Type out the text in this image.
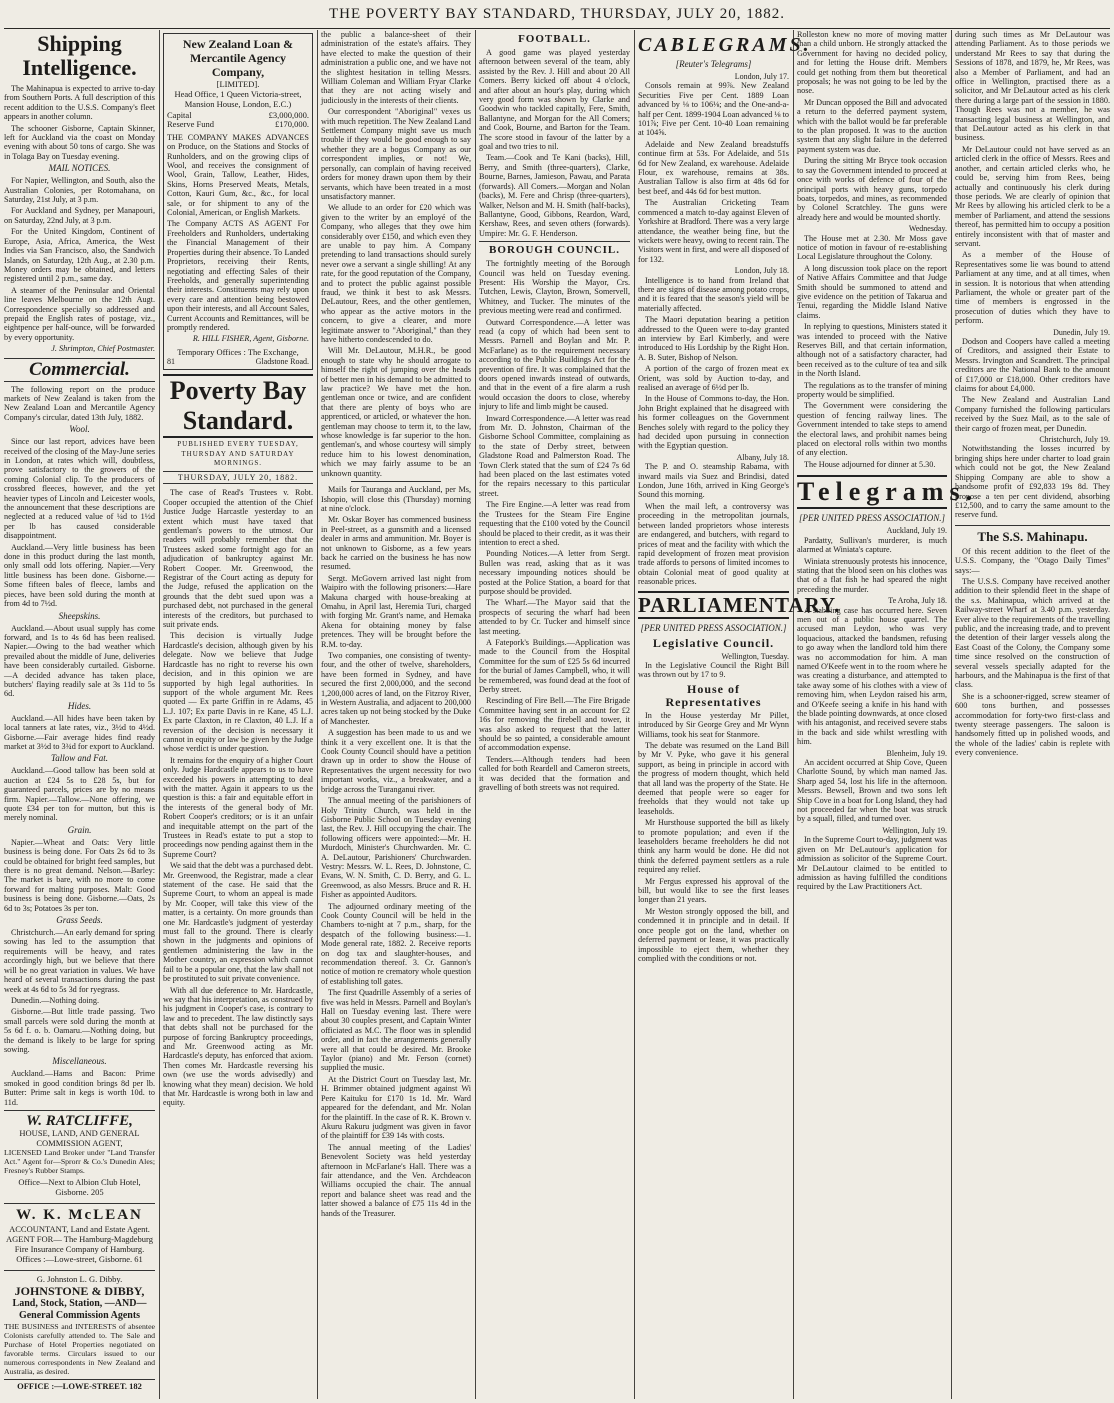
THE POVERTY BAY STANDARD, THURSDAY, JULY 20, 1882.
Shipping Intelligence.

The Mahinapua is expected to arrive to-day from Southern Ports. A full description of this recent addition to the U.S.S. Company's fleet appears in another column.

The schooner Gisborne, Captain Skinner, left for Auckland via the coast on Monday evening with about 50 tons of cargo. She was in Tolaga Bay on Tuesday evening.

MAIL NOTICES.

For Napier, Wellington, and South, also the Australian Colonies, per Rotomahana, on Saturday, 21st July, at 3 p.m.

For Auckland and Sydney, per Manapouri, on Saturday, 22nd July, at 3 p.m.

For the United Kingdom, Continent of Europe, Asia, Africa, America, the West Indies via San Francisco, also, the Sandwich Islands, on Saturday, 12th Aug., at 2.30 p.m. Money orders may be obtained, and letters registered until 2 p.m., same day.

A steamer of the Peninsular and Oriental line leaves Melbourne on the 12th Augt. Correspondence specially so addressed and prepaid the English rates of postage, viz., eightpence per half-ounce, will be forwarded by every opportunity.

J. Shrimpton, Chief Postmaster.
Commercial.

The following report on the produce markets of New Zealand is taken from the New Zealand Loan and Mercantile Agency Company's circular, dated 13th July, 1882.

Wool.

Since our last report, advices have been received of the closing of the May-June series in London, at rates which will, doubtless, prove satisfactory to the growers of the coming Colonial clip. To the producers of crossbred fleeces, however, and the yet heavier types of Lincoln and Leicester wools, the announcement that these descriptions are neglected at a reduced value of ¼d to 1½d per lb has caused considerable disappointment.

Auckland.—Very little business has been done in this product during the last month, only small odd lots offering. Napier.—Very little business has been done. Gisborne.—Some fifteen bales of fleece, lambs and pieces, have been sold during the month at from 4d to 7½d.

Sheepskins.

Auckland.—About usual supply has come forward, and 1s to 4s 6d has been realised. Napier.—Owing to the bad weather which prevailed about the middle of June, deliveries have been considerably curtailed. Gisborne.—A decided advance has taken place, butchers' flaying readily sale at 3s 11d to 5s 6d.

Hides.

Auckland.—All hides have been taken by local tanners at late rates, viz., 3½d to 4½d. Gisborne.—Fair average hides find ready market at 3½d to 3¾d for export to Auckland.

Tallow and Fat.

Auckland.—Good tallow has been sold at auction at £24 5s to £28 5s, but for guaranteed parcels, prices are by no means firm. Napier.—Tallow.—None offering, we quote £34 per ton for mutton, but this is merely nominal.

Grain.

Napier.—Wheat and Oats: Very little business is being done. For Oats 2s 6d to 3s could be obtained for bright feed samples, but there is no great demand. Nelson.—Barley: The market is bare, with no more to come forward for malting purposes. Malt: Good business is being done. Gisborne.—Oats, 2s 6d to 3s; Potatoes 3s per ton.

Grass Seeds.

Christchurch.—An early demand for spring sowing has led to the assumption that requirements will be heavy, and rates accordingly high, but we believe that there will be no great variation in values. We have heard of several transactions during the past week at 4s 6d to 5s 3d for ryegrass.

Dunedin.—Nothing doing.

Gisborne.—But little trade passing. Two small parcels were sold during the month at 5s 6d f. o. b. Oamaru.—Nothing doing, but the demand is likely to be large for spring sowing.

Miscellaneous.

Auckland.—Hams and Bacon: Prime smoked in good condition brings 8d per lb. Butter: Prime salt in kegs is worth 10d. to 11d.

W. RATCLIFFE,
HOUSE, LAND, AND GENERAL COMMISSION AGENT,

LICENSED Land Broker under "Land Transfer Act." Agent for—Sprorr & Co.'s Dunedin Ales; Fresney's Rubber Stamps.

Office—Next to Albion Club Hotel, Gisborne. 205
W. K. McLEAN
ACCOUNTANT, Land and Estate Agent.
AGENT FOR— The Hamburg-Magdeburg Fire Insurance Company of Hamburg.
Offices :—Lowe-street, Gisborne. 61
G. Johnston L. G. Dibby.
JOHNSTONE & DIBBY,
Land, Stock, Station, —AND— General Commission Agents

THE BUSINESS and INTERESTS of absentee Colonists carefully attended to. The Sale and Purchase of Hotel Properties negotiated on favorable terms. Circulars issued to our numerous correspondents in New Zealand and Australia, as desired.

OFFICE :—LOWE-STREET. 182
New Zealand Loan & Mercantile Agency Company,
[LIMITED].
Head Office, 1 Queen Victoria-street, Mansion House, London, E.C.)
Capital	£3,000,000.
Reserve Fund	£170,000.

THE COMPANY MAKES ADVANCES on Produce, on the Stations and Stocks of Runholders, and on the growing clips of Wool, and receives the consignment of Wool, Grain, Tallow, Leather, Hides, Skins, Horns Preserved Meats, Metals, Cotton, Kauri Gum, &c., &c., for local sale, or for shipment to any of the Colonial, American, or English Markets.

The Company ACTS AS AGENT For Freeholders and Runholders, undertaking the Financial Management of their Properties during their absence. To Landed Proprietors, receiving their Rents, negotiating and effecting Sales of their Freeholds, and generally superintending their interests. Constituents may rely upon every care and attention being bestowed upon their interests, and all Account Sales, Current Accounts and Remittances, will be promptly rendered.

R. HILL FISHER, Agent, Gisborne.
Temporary Offices : The Exchange,
81	Gladstone Road.
Poverty Bay Standard.
PUBLISHED EVERY TUESDAY, THURSDAY AND SATURDAY MORNINGS.
THURSDAY, JULY 20, 1882.

The case of Read's Trustees v. Robt. Cooper occupied the attention of the Chief Justice Judge Harcastle yesterday to an extent which must have taxed that gentleman's powers to the utmost. Our readers will probably remember that the Trustees asked some fortnight ago for an adjudication of bankruptcy against Mr. Robert Cooper. Mr. Greenwood, the Registrar of the Court acting as deputy for the Judge, refused the application on the grounds that the debt sued upon was a purchased debt, not purchased in the general interests of the creditors, but purchased to suit private ends.

This decision is virtually Judge Hardcastle's decision, although given by his delegate. Now we believe that Judge Hardcastle has no right to reverse his own decision, and in this opinion we are supported by high legal authorities. In support of the whole argument Mr. Rees quoted — Ex parte Griffin in re Adams, 45 L.J. 107; Ex parte Davis in re Kane, 45 L.J. Ex parte Claxton, in re Claxton, 40 L.J. If a reversion of the decision is necessary it cannot in equity or law be given by the Judge whose verdict is under question.

It remains for the enquiry of a higher Court only. Judge Hardcastle appears to us to have exceeded his powers in attempting to deal with the matter. Again it appears to us the question is this: a fair and equitable effort in the interests of the general body of Mr. Robert Cooper's creditors; or is it an unfair and inequitable attempt on the part of the Trustees in Read's estate to put a stop to proceedings now pending against them in the Supreme Court?

We said that the debt was a purchased debt. Mr. Greenwood, the Registrar, made a clear statement of the case. He said that the Supreme Court, to whom an appeal is made by Mr. Cooper, will take this view of the matter, is a certainty. On more grounds than one Mr. Hardcastle's judgment of yesterday must fall to the ground. There is clearly shown in the judgments and opinions of gentlemen administering the law in the Mother country, an expression which cannot fail to be a popular one, that the law shall not be prostituted to suit private convenience.

With all due deference to Mr. Hardcastle, we say that his interpretation, as construed by his judgment in Cooper's case, is contrary to law and to precedent. The law distinctly says that debts shall not be purchased for the purpose of forcing Bankruptcy proceedings, and Mr. Greenwood acting as Mr. Hardcastle's deputy, has enforced that axiom. Then comes Mr. Hardcastle reversing his own (we use the words advisedly) and knowing what they mean) decision. We hold that Mr. Hardcastle is wrong both in law and equity.

the public a balance-sheet of their administration of the estate's affairs. They have elected to make the question of their administration a public one, and we have not the slightest hesitation in telling Messrs. William Coleman and William Fryar Clarke that they are not acting wisely and judiciously in the interests of their clients.

Our correspondent "Aboriginal" vexes us with much repetition. The New Zealand Land Settlement Company might save us much trouble if they would be good enough to say whether they are a bogus Company as our correspondent implies, or not! We, personally, can complain of having received orders for money drawn upon them by their servants, which have been treated in a most unsatisfactory manner.

We allude to an order for £20 which was given to the writer by an employé of the Company, who alleges that they owe him considerably over £150, and which even they are unable to pay him. A Company pretending to land transactions should surely never owe a servant a single shilling! At any rate, for the good reputation of the Company, and to protect the public against possible fraud, we think it best to ask Messrs. DeLautour, Rees, and the other gentlemen, who appear as the active motors in the concern, to give a clearer, and more legitimate answer to "Aboriginal," than they have hitherto condescended to do.

Will Mr. DeLautour, M.H.R., be good enough to state why he should arrogate to himself the right of jumping over the heads of better men in his demand to be admitted to law practice? We have met the hon. gentleman once or twice, and are confident that there are plenty of boys who are apprenticed, or articled, or whatever the hon. gentleman may choose to term it, to the law, whose knowledge is far superior to the hon. gentleman's, and whose courtesy will simply reduce him to his lowest denomination, which we may fairly assume to be an unknown quantity.

Mails for Tauranga and Auckland, per Ms, Ishopio, will close this (Thursday) morning at nine o'clock.

Mr. Oskar Boyer has commenced business in Peel-street, as a gunsmith and a licensed dealer in arms and ammunition. Mr. Boyer is not unknown to Gisborne, as a few years back he carried on the business he has now resumed.

Sergt. McGovern arrived last night from Waipiro with the following prisoners:—Hare Makuna charged with house-breaking at Omahu, in April last, Heremia Turi, charged with forging Mr. Grant's name, and Hemaka Akena for obtaining money by false pretences. They will be brought before the R.M. to-day.

Two companies, one consisting of twenty-four, and the other of twelve, shareholders, have been formed in Sydney, and have secured the first 2,000,000, and the second 1,200,000 acres of land, on the Fitzroy River, in Western Australia, and adjacent to 200,000 acres taken up not being stocked by the Duke of Manchester.

A suggestion has been made to us and we think it a very excellent one. It is that the Cook County Council should have a petition drawn up in order to show the House of Representatives the urgent necessity for two important works, viz., a breakwater, and a bridge across the Turanganui river.

The annual meeting of the parishioners of Holy Trinity Church, was held in the Gisborne Public School on Tuesday evening last, the Rev. J. Hill occupying the chair. The following officers were appointed:—Mr. H. Murdoch, Minister's Churchwarden. Mr. C. A. DeLautour, Parishioners' Churchwarden. Vestry: Messrs. W. L. Rees, D. Johnstone, C. Evans, W. N. Smith, C. D. Berry, and G. L. Greenwood, as also Messrs. Bruce and R. H. Fisher as appointed Auditors.

The adjourned ordinary meeting of the Cook County Council will be held in the Chambers to-night at 7 p.m., sharp, for the despatch of the following business:—1. Mode general rate, 1882. 2. Receive reports on dog tax and slaughter-houses, and recommendation thereof. 3. Cr. Gannon's notice of motion re crematory whole question of establishing toll gates.

The first Quadrille Assembly of a series of five was held in Messrs. Parnell and Boylan's Hall on Tuesday evening last. There were about 30 couples present, and Captain Winter officiated as M.C. The floor was in splendid order, and in fact the arrangements generally were all that could be desired. Mr. Brooke Taylor (piano) and Mr. Ferson (cornet) supplied the music.

At the District Court on Tuesday last, Mr. H. Brimmer obtained judgment against Wi Pere Kaituku for £170 1s 1d. Mr. Ward appeared for the defendant, and Mr. Nolan for the plaintiff. In the case of R. K. Brown v. Akuru Rakuru judgment was given in favor of the plaintiff for £39 14s with costs.

The annual meeting of the Ladies' Benevolent Society was held yesterday afternoon in McFarlane's Hall. There was a fair attendance, and the Ven. Archdeacon Williams occupied the chair. The annual report and balance sheet was read and the latter showed a balance of £75 11s 4d in the hands of the Treasurer.

FOOTBALL.

A good game was played yesterday afternoon between several of the team, ably assisted by the Rev. J. Hill and about 20 All Comers. Berry kicked off about 4 o'clock, and after about an hour's play, during which very good form was shown by Clarke and Goodwin who tackled capitally, Fere, Smith, Ballantyne, and Morgan for the All Comers; and Cook, Bourne, and Barton for the Team. The score stood in favour of the latter by a goal and two tries to nil.

Team.—Cook and Te Kani (backs), Hill, Berry, and Smith (three-quarters), Clarke, Bourne, Barnes, Jamieson, Pawau, and Parata (forwards). All Comers.—Morgan and Nolan (backs), M. Fere and Chrisp (three-quarters), Walker, Nelson and M. H. Smith (half-backs), Ballantyne, Good, Gibbons, Reardon, Ward, Kershaw, Rees, and seven others (forwards). Umpire: Mr. G. F. Henderson.

BOROUGH COUNCIL.

The fortnightly meeting of the Borough Council was held on Tuesday evening. Present: His Worship the Mayor, Crs. Tutchen, Lewis, Clayton, Brown, Somervell, Whitney, and Tucker. The minutes of the previous meeting were read and confirmed.

Outward Correspondence.—A letter was read (a copy of which had been sent to Messrs. Parnell and Boylan and Mr. P. McFarlane) as to the requirement necessary according to the Public Buildings Act for the prevention of fire. It was complained that the doors opened inwards instead of outwards, and that in the event of a fire alarm a rush would occasion the doors to close, whereby injury to life and limb might be caused.

Inward Correspondence.—A letter was read from Mr. D. Johnston, Chairman of the Gisborne School Committee, complaining as to the state of Derby street, between Gladstone Road and Palmerston Road. The Town Clerk stated that the sum of £24 7s 6d had been placed on the last estimates voted for the repairs necessary to this particular street.

The Fire Engine.—A letter was read from the Trustees for the Steam Fire Engine requesting that the £100 voted by the Council should be placed to their credit, as it was their intention to erect a shed.

Pounding Notices.—A letter from Sergt. Bullen was read, asking that as it was necessary impounding notices should be posted at the Police Station, a board for that purpose should be provided.

The Wharf.—The Mayor said that the prospects of securing the wharf had been attended to by Cr. Tucker and himself since last meeting.

A Fatepork's Buildings.—Application was made to the Council from the Hospital Committee for the sum of £25 5s 6d incurred for the burial of James Campbell, who, it will be remembered, was found dead at the foot of Derby street.

Rescinding of Fire Bell.—The Fire Brigade Committee having sent in an account for £2 16s for removing the firebell and tower, it was also asked to request that the latter should be so painted, a considerable amount of accommodation expense.

Tenders.—Although tenders had been called for both Reardell and Cameron streets, it was decided that the formation and gravelling of both streets was not required.

CABLEGRAMS.
[Reuter's Telegrams]
London, July 17.

Consols remain at 99⅞. New Zealand Securities Five per Cent. 1889 Loan advanced by ⅛ to 106⅛; and the One-and-a-half per Cent. 1899-1904 Loan advanced ⅛ to 101⅞; Five per Cent. 10-40 Loan remaining at 104⅝.

Adelaide and New Zealand breadstuffs continue firm at 53s. For Adelaide, and 51s 6d for New Zealand, ex warehouse. Adelaide Flour, ex warehouse, remains at 38s. Australian Tallow is also firm at 48s 6d for best beef, and 44s 6d for best mutton.

The Australian Cricketing Team commenced a match to-day against Eleven of Yorkshire at Bradford. There was a very large attendance, the weather being fine, but the wickets were heavy, owing to recent rain. The Visitors went in first, and were all disposed of for 132.

London, July 18.

Intelligence is to hand from Ireland that there are signs of disease among potato crops, and it is feared that the season's yield will be materially affected.

The Maori deputation bearing a petition addressed to the Queen were to-day granted an interview by Earl Kimberly, and were introduced to His Lordship by the Right Hon. A. B. Suter, Bishop of Nelson.

A portion of the cargo of frozen meat ex Orient, was sold by Auction to-day, and realised an average of 6½d per lb.

In the House of Commons to-day, the Hon. John Bright explained that he disagreed with his former colleagues on the Government Benches solely with regard to the policy they had decided upon pursuing in connection with the Egyptian question.

Albany, July 18.

The P. and O. steamship Rabama, with inward mails via Suez and Brindisi, dated London, June 16th, arrived in King George's Sound this morning.

When the mail left, a controversy was proceeding in the metropolitan journals, between landed proprietors whose interests are endangered, and butchers, with regard to prices of meat and the facility with which the rapid development of frozen meat provision trade affords to persons of limited incomes to obtain Colonial meat of good quality at reasonable prices.

PARLIAMENTARY.
[PER UNITED PRESS ASSOCIATION.]
Legislative Council.
Wellington, Tuesday.

In the Legislative Council the Right Bill was thrown out by 17 to 9.

House of Representatives

In the House yesterday Mr Pillet, introduced by Sir George Grey and Mr Wynn Williams, took his seat for Stanmore.

The debate was resumed on the Land Bill by Mr V. Pyke, who gave it his general support, as being in principle in accord with the progress of modern thought, which held that all land was the property of the State. He deemed that people were so eager for freeholds that they would not take up leaseholds.

Mr Hursthouse supported the bill as likely to promote population; and even if the leaseholders became freeholders he did not think any harm would be done. He did not think the deferred payment settlers as a rule required any relief.

Mr Fergus expressed his approval of the bill, but would like to see the first leases longer than 21 years.

Mr Weston strongly opposed the bill, and condemned it in principle and in detail. If once people got on the land, whether on deferred payment or lease, it was practically impossible to eject them, whether they complied with the conditions or not.

Rolleston knew no more of moving matter than a child unborn. He strongly attacked the Government for having no decided policy, and for letting the House drift. Members could get nothing from them but theoretical proposals; he was not going to be led by the nose.

Mr Duncan opposed the Bill and advocated a return to the deferred payment system, which with the ballot would be far preferable to the plan proposed. It was to the auction system that any slight failure in the deferred payment system was due.

During the sitting Mr Bryce took occasion to say the Government intended to proceed at once with works of defence of four of the principal ports with heavy guns, torpedo boats, torpedos, and mines, as recommended by Colonel Scratchley. The guns were already here and would be mounted shortly.

Wednesday.

The House met at 2.30. Mr Moss gave notice of motion in favour of re-establishing Local Legislature throughout the Colony.

A long discussion took place on the report of Native Affairs Committee and that Judge Smith should be summoned to attend and give evidence on the petition of Takarua and Tenui, regarding the Middle Island Native claims.

In replying to questions, Ministers stated it was intended to proceed with the Native Reserves Bill, and that certain information, although not of a satisfactory character, had been received as to the culture of tea and silk in the North Island.

The regulations as to the transfer of mining property would be simplified.

The Government were considering the question of fencing railway lines. The Government intended to take steps to amend the electoral laws, and prohibit names being placed on electoral rolls within two months of any election.

The House adjourned for dinner at 5.30.

Telegrams.
[PER UNITED PRESS ASSOCIATION.]
Auckland, July 19.

Pardatty, Sullivan's murderer, is much alarmed at Winiata's capture.

Winiata strenuously protests his innocence, stating that the blood seen on his clothes was that of a flat fish he had speared the night preceding the murder.

Te Aroha, July 18.

A stabbing case has occurred here. Seven men out of a public house quarrel. The accused man Leydon, who was very loquacious, attacked the bandsmen, refusing to go away when the landlord told him there was no accommodation for him. A man named O'Keefe went in to the room where he was creating a disturbance, and attempted to take away some of his clothes with a view of removing him, when Leydon raised his arm, and O'Keefe seeing a knife in his hand with the blade pointing downwards, at once closed with his antagonist, and received severe stabs in the back and side whilst wrestling with him.

Blenheim, July 19.

An accident occurred at Ship Cove, Queen Charlotte Sound, by which man named Jas. Sharp aged 54, lost his life in the afternoon. Messrs. Bewsell, Brown and two sons left Ship Cove in a boat for Long Island, they had not proceeded far when the boat was struck by a squall, filled, and turned over.

Wellington, July 19.

In the Supreme Court to-day, judgment was given on Mr DeLautour's application for admission as solicitor of the Supreme Court. Mr DeLautour claimed to be entitled to admission as having fulfilled the conditions required by the Law Practitioners Act.

during such times as Mr DeLautour was attending Parliament. As to those periods we understand Mr Rees to say that during the Sessions of 1878, and 1879, he, Mr Rees, was also a Member of Parliament, and had an office in Wellington, practised there as a solicitor, and Mr DeLautour acted as his clerk there during a large part of the session in 1880. Though Rees was not a member, he was transacting legal business at Wellington, and that DeLautour acted as his clerk in that business.

Mr DeLautour could not have served as an articled clerk in the office of Messrs. Rees and another, and certain articled clerks who, he could be, serving him from Rees, being actually and continuously his clerk during those periods. We are clearly of opinion that Mr Rees by allowing his articled clerk to be a member of Parliament, and attend the sessions thereof, has permitted him to occupy a position entirely inconsistent with that of master and servant.

As a member of the House of Representatives some lie was bound to attend Parliament at any time, and at all times, when in session. It is notorious that when attending Parliament, the whole or greater part of the time of members is engrossed in the prosecution of duties which they have to perform.

Dunedin, July 19.

Dodson and Coopers have called a meeting of Creditors, and assigned their Estate to Messrs. Irvington and Scandrett. The principal creditors are the National Bank to the amount of £17,000 or £18,000. Other creditors have claims for about £4,000.

The New Zealand and Australian Land Company furnished the following particulars received by the Suez Mail, as to the sale of their cargo of frozen meat, per Dunedin.

Christchurch, July 19.

Notwithstanding the losses incurred by bringing ships here under charter to load grain which could not be got, the New Zealand Shipping Company are able to show a handsome profit of £92,833 19s 8d. They propose a ten per cent dividend, absorbing £12,500, and to carry the same amount to the reserve fund.

The S.S. Mahinapu.

Of this recent addition to the fleet of the U.S.S. Company, the "Otago Daily Times" says:—

The U.S.S. Company have received another addition to their splendid fleet in the shape of the s.s. Mahinapua, which arrived at the Railway-street Wharf at 3.40 p.m. yesterday. Ever alive to the requirements of the travelling public, and the increasing trade, and to prevent the detention of their larger vessels along the East Coast of the Colony, the Company some time since resolved on the construction of several vessels specially adapted for the harbours, and the Mahinapua is the first of that class.

She is a schooner-rigged, screw steamer of 600 tons burthen, and possesses accommodation for forty-two first-class and twenty steerage passengers. The saloon is handsomely fitted up in polished woods, and the whole of the ladies' cabin is replete with every convenience.
